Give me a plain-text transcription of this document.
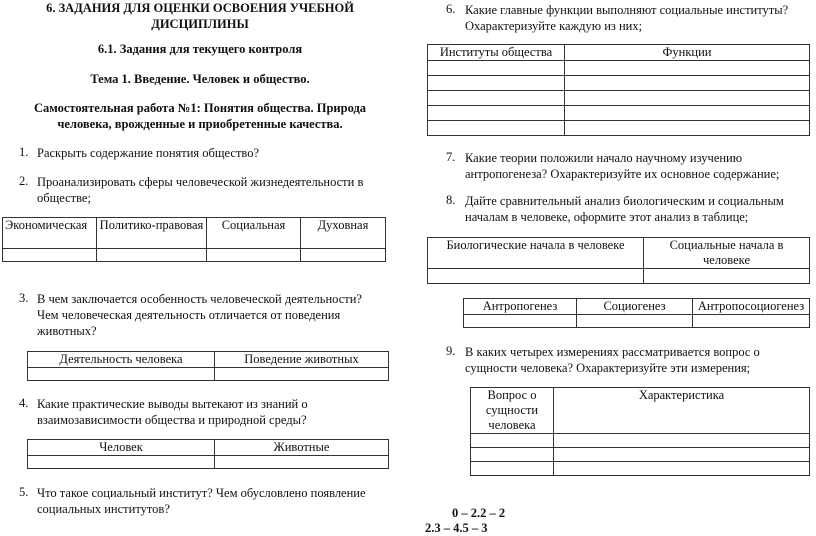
6. ЗАДАНИЯ ДЛЯ ОЦЕНКИ ОСВОЕНИЯ УЧЕБНОЙ ДИСЦИПЛИНЫ
6.1. Задания для текущего контроля
Тема 1. Введение. Человек и общество.
Самостоятельная работа №1: Понятия общества. Природа человека, врожденные и приобретенные качества.
1. Раскрыть содержание понятия общество?
2. Проанализировать сферы человеческой жизнедеятельности в обществе;
Экономическая	Политико-правовая	Социальная	Духовная

3. В чем заключается особенность человеческой деятельности? Чем человеческая деятельность отличается от поведения животных?
Деятельность человека	Поведение животных

4. Какие практические выводы вытекают из знаний о взаимозависимости общества и природной среды?
Человек	Животные

5. Что такое социальный институт? Чем обусловлено появление социальных институтов?
6. Какие главные функции выполняют социальные институты? Охарактеризуйте каждую из них;
Институты общества	Функции

7. Какие теории положили начало научному изучению антропогенеза? Охарактеризуйте их основное содержание;
8. Дайте сравнительный анализ биологическим и социальным началам в человеке, оформите этот анализ в таблице;
Биологические начала в человеке	Социальные начала в человеке

Антропогенез	Социогенез	Антропосоциогенез

9. В каких четырех измерениях рассматривается вопрос о сущности человека? Охарактеризуйте эти измерения;
Вопрос о сущности человека	Характеристика

0 – 2.2 – 2
2.3 – 4.5 – 3
